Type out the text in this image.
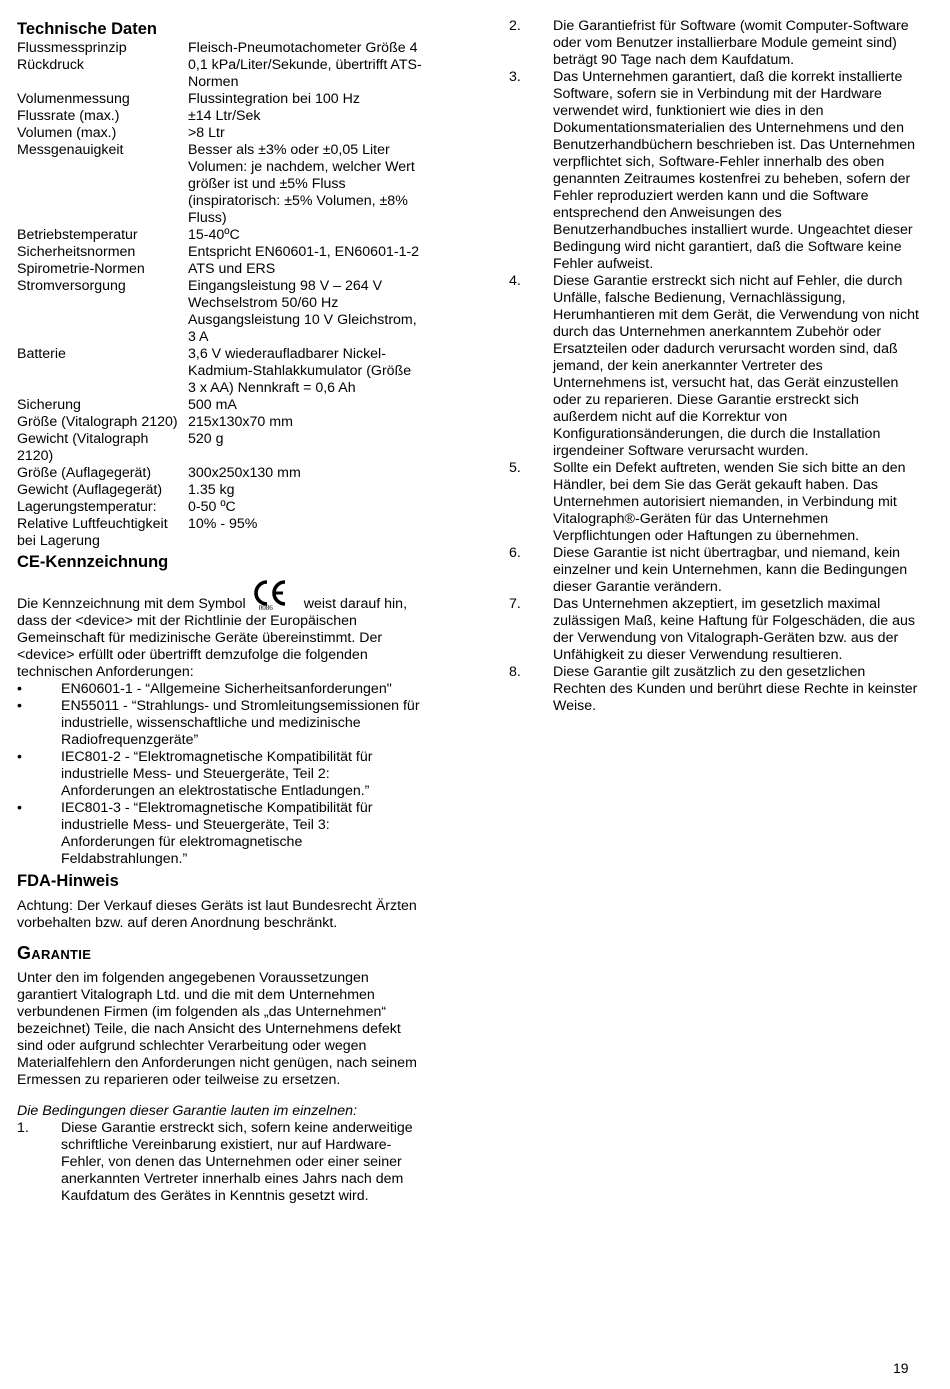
Technische Daten
Flussmessprinzip	Fleisch-Pneumotachometer Größe 4
Rückdruck	0,1 kPa/Liter/Sekunde, übertrifft ATS-Normen
Volumenmessung	Flussintegration bei 100 Hz
Flussrate (max.)	±14 Ltr/Sek
Volumen (max.)	>8 Ltr
Messgenauigkeit	Besser als ±3% oder ±0,05 Liter Volumen: je nachdem, welcher Wert größer ist und ±5% Fluss (inspiratorisch: ±5% Volumen, ±8% Fluss)
Betriebstemperatur	15-40ºC
Sicherheitsnormen	Entspricht EN60601-1, EN60601-1-2
Spirometrie-Normen	ATS und ERS
Stromversorgung	Eingangsleistung 98 V – 264 V Wechselstrom 50/60 Hz Ausgangsleistung 10 V Gleichstrom, 3 A
Batterie	3,6 V wiederaufladbarer Nickel-Kadmium-Stahlakkumulator (Größe 3 x AA) Nennkraft = 0,6 Ah
Sicherung	500 mA
Größe (Vitalograph 2120)	215x130x70 mm
Gewicht (Vitalograph 2120)	520 g
Größe (Auflagegerät)	300x250x130 mm
Gewicht (Auflagegerät)	1.35 kg
Lagerungstemperatur:	0-50 ºC
Relative Luftfeuchtigkeit bei Lagerung	10% - 95%
CE-Kennzeichnung
Die Kennzeichnung mit dem Symbol 0086 weist darauf hin,

dass der <device> mit der Richtlinie der Europäischen Gemeinschaft für medizinische Geräte übereinstimmt. Der <device> erfüllt oder übertrifft demzufolge die folgenden technischen Anforderungen:

•	EN60601-1 - “Allgemeine Sicherheitsanforderungen"
•	EN55011 - “Strahlungs- und Stromleitungsemissionen für industrielle, wissenschaftliche und medizinische Radiofrequenzgeräte”
•	IEC801-2 - “Elektromagnetische Kompatibilität für industrielle Mess- und Steuergeräte, Teil 2: Anforderungen an elektrostatische Entladungen.”
•	IEC801-3 - “Elektromagnetische Kompatibilität für industrielle Mess- und Steuergeräte, Teil 3: Anforderungen für elektromagnetische Feldabstrahlungen.”
FDA-Hinweis

Achtung: Der Verkauf dieses Geräts ist laut Bundesrecht Ärzten vorbehalten bzw. auf deren Anordnung beschränkt.

Garantie

Unter den im folgenden angegebenen Voraussetzungen garantiert Vitalograph Ltd. und die mit dem Unternehmen verbundenen Firmen (im folgenden als „das Unternehmen“ bezeichnet) Teile, die nach Ansicht des Unternehmens defekt sind oder aufgrund schlechter Verarbeitung oder wegen Materialfehlern den Anforderungen nicht genügen, nach seinem Ermessen zu reparieren oder teilweise zu ersetzen.

Die Bedingungen dieser Garantie lauten im einzelnen:

1. Diese Garantie erstreckt sich, sofern keine anderweitige schriftliche Vereinbarung existiert, nur auf Hardware-Fehler, von denen das Unternehmen oder einer seiner anerkannten Vertreter innerhalb eines Jahrs nach dem Kaufdatum des Gerätes in Kenntnis gesetzt wird.
2. Die Garantiefrist für Software (womit Computer-Software oder vom Benutzer installierbare Module gemeint sind) beträgt 90 Tage nach dem Kaufdatum.
3. Das Unternehmen garantiert, daß die korrekt installierte Software, sofern sie in Verbindung mit der Hardware verwendet wird, funktioniert wie dies in den Dokumentationsmaterialien des Unternehmens und den Benutzerhandbüchern beschrieben ist. Das Unternehmen verpflichtet sich, Software-Fehler innerhalb des oben genannten Zeitraumes kostenfrei zu beheben, sofern der Fehler reproduziert werden kann und die Software entsprechend den Anweisungen des Benutzerhandbuches installiert wurde. Ungeachtet dieser Bedingung wird nicht garantiert, daß die Software keine Fehler aufweist.
4. Diese Garantie erstreckt sich nicht auf Fehler, die durch Unfälle, falsche Bedienung, Vernachlässigung, Herumhantieren mit dem Gerät, die Verwendung von nicht durch das Unternehmen anerkanntem Zubehör oder Ersatzteilen oder dadurch verursacht worden sind, daß jemand, der kein anerkannter Vertreter des Unternehmens ist, versucht hat, das Gerät einzustellen oder zu reparieren. Diese Garantie erstreckt sich außerdem nicht auf die Korrektur von Konfigurationsänderungen, die durch die Installation irgendeiner Software verursacht wurden.
5. Sollte ein Defekt auftreten, wenden Sie sich bitte an den Händler, bei dem Sie das Gerät gekauft haben. Das Unternehmen autorisiert niemanden, in Verbindung mit Vitalograph®-Geräten für das Unternehmen Verpflichtungen oder Haftungen zu übernehmen.
6. Diese Garantie ist nicht übertragbar, und niemand, kein einzelner und kein Unternehmen, kann die Bedingungen dieser Garantie verändern.
7. Das Unternehmen akzeptiert, im gesetzlich maximal zulässigen Maß, keine Haftung für Folgeschäden, die aus der Verwendung von Vitalograph-Geräten bzw. aus der Unfähigkeit zu dieser Verwendung resultieren.
8. Diese Garantie gilt zusätzlich zu den gesetzlichen Rechten des Kunden und berührt diese Rechte in keinster Weise.
19
